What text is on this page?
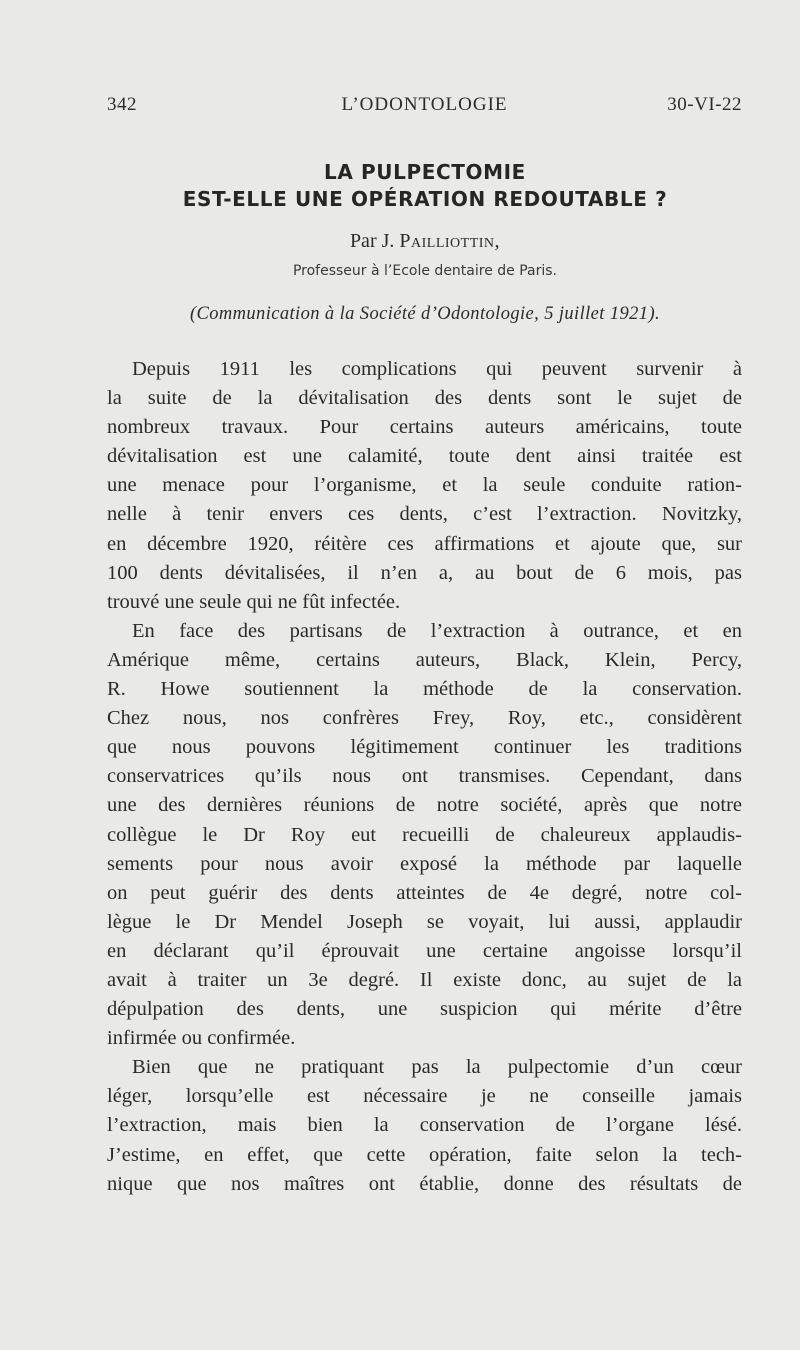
342	L’ODONTOLOGIE	30-VI-22
LA PULPECTOMIE
EST-ELLE UNE OPÉRATION REDOUTABLE ?
Par J. Pailliottin,
Professeur à l’Ecole dentaire de Paris.
(Communication à la Société d’Odontologie, 5 juillet 1921).
Depuis 1911 les complications qui peuvent survenir à
la suite de la dévitalisation des dents sont le sujet de
nombreux travaux. Pour certains auteurs américains, toute
dévitalisation est une calamité, toute dent ainsi traitée est
une menace pour l’organisme, et la seule conduite ration-
nelle à tenir envers ces dents, c’est l’extraction. Novitzky,
en décembre 1920, réitère ces affirmations et ajoute que, sur
100 dents dévitalisées, il n’en a, au bout de 6 mois, pas
trouvé une seule qui ne fût infectée.
En face des partisans de l’extraction à outrance, et en
Amérique même, certains auteurs, Black, Klein, Percy,
R. Howe soutiennent la méthode de la conservation.
Chez nous, nos confrères Frey, Roy, etc., considèrent
que nous pouvons légitimement continuer les traditions
conservatrices qu’ils nous ont transmises. Cependant, dans
une des dernières réunions de notre société, après que notre
collègue le Dr Roy eut recueilli de chaleureux applaudis-
sements pour nous avoir exposé la méthode par laquelle
on peut guérir des dents atteintes de 4e degré, notre col-
lègue le Dr Mendel Joseph se voyait, lui aussi, applaudir
en déclarant qu’il éprouvait une certaine angoisse lorsqu’il
avait à traiter un 3e degré. Il existe donc, au sujet de la
dépulpation des dents, une suspicion qui mérite d’être
infirmée ou confirmée.
Bien que ne pratiquant pas la pulpectomie d’un cœur
léger, lorsqu’elle est nécessaire je ne conseille jamais
l’extraction, mais bien la conservation de l’organe lésé.
J’estime, en effet, que cette opération, faite selon la tech-
nique que nos maîtres ont établie, donne des résultats de
